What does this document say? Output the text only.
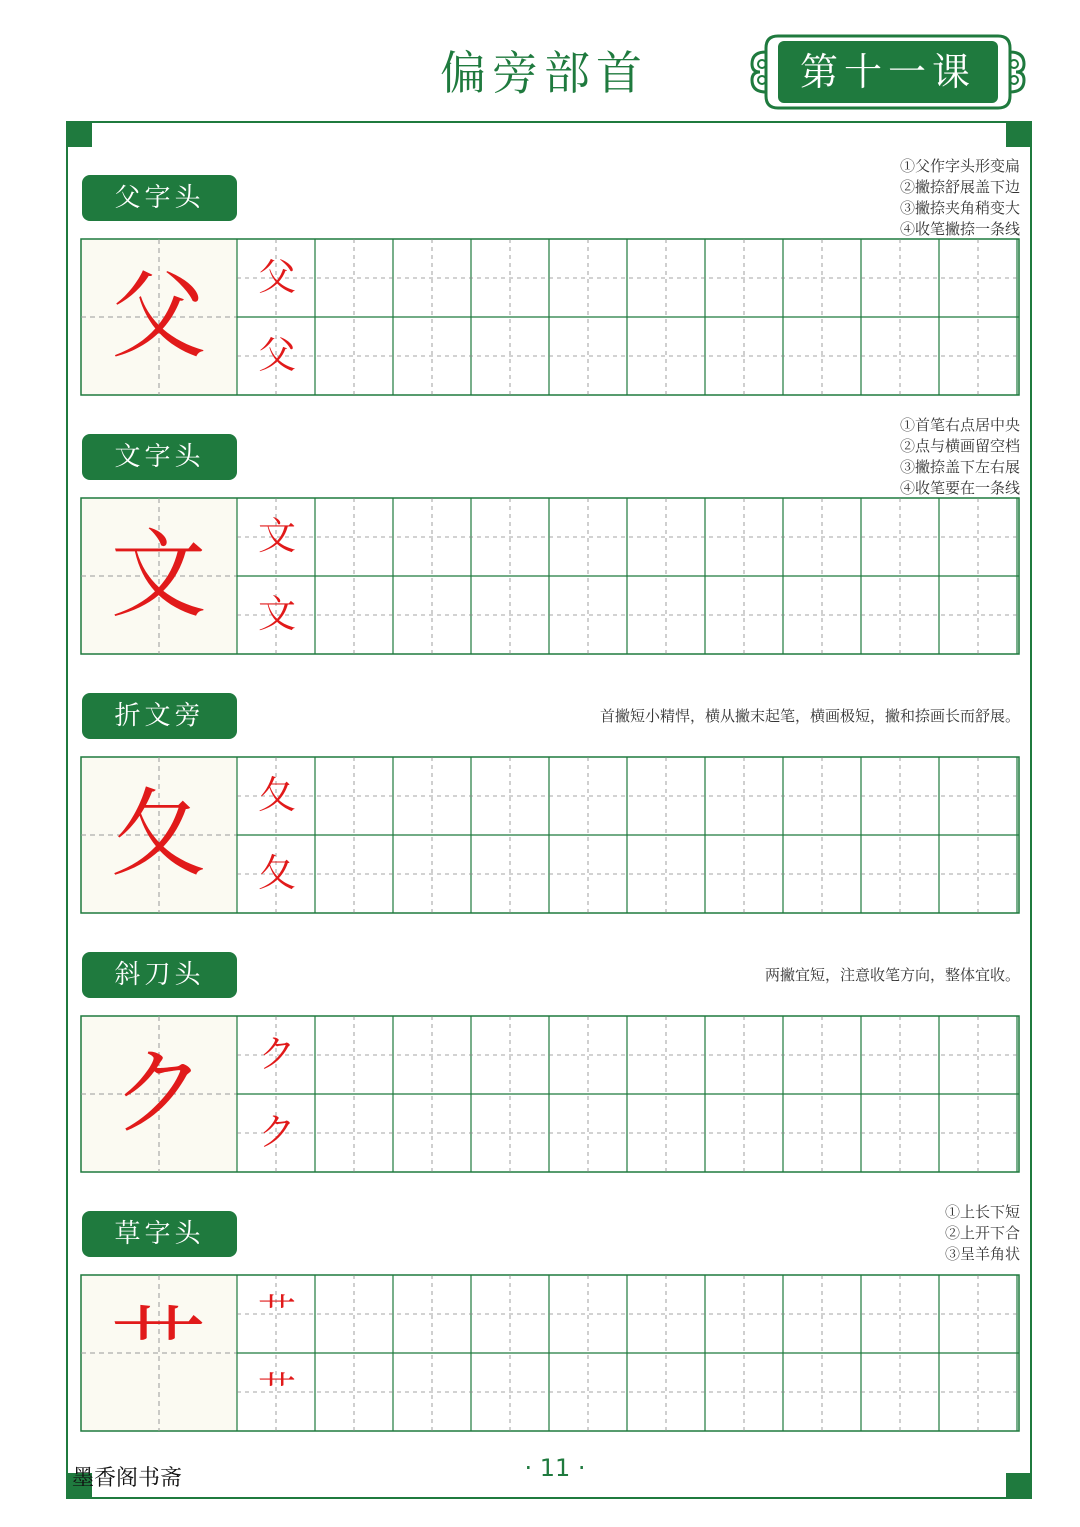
偏旁部首	第十一课
父字头
①父作字头形变扁
②撇捺舒展盖下边
③撇捺夹角稍变大
④收笔撇捺一条线
父	父
父
文字头
①首笔右点居中央
②点与横画留空档
③撇捺盖下左右展
④收笔要在一条线
文	文
文
折文旁	首撇短小精悍，横从撇末起笔，横画极短，撇和捺画长而舒展。
夂	夂
夂
斜刀头	两撇宜短，注意收笔方向，整体宜收。
ク	ク
ク
草字头
①上长下短
②上开下合
③呈羊角状
艹	艹
艹
· 11 ·
墨香阁书斋
